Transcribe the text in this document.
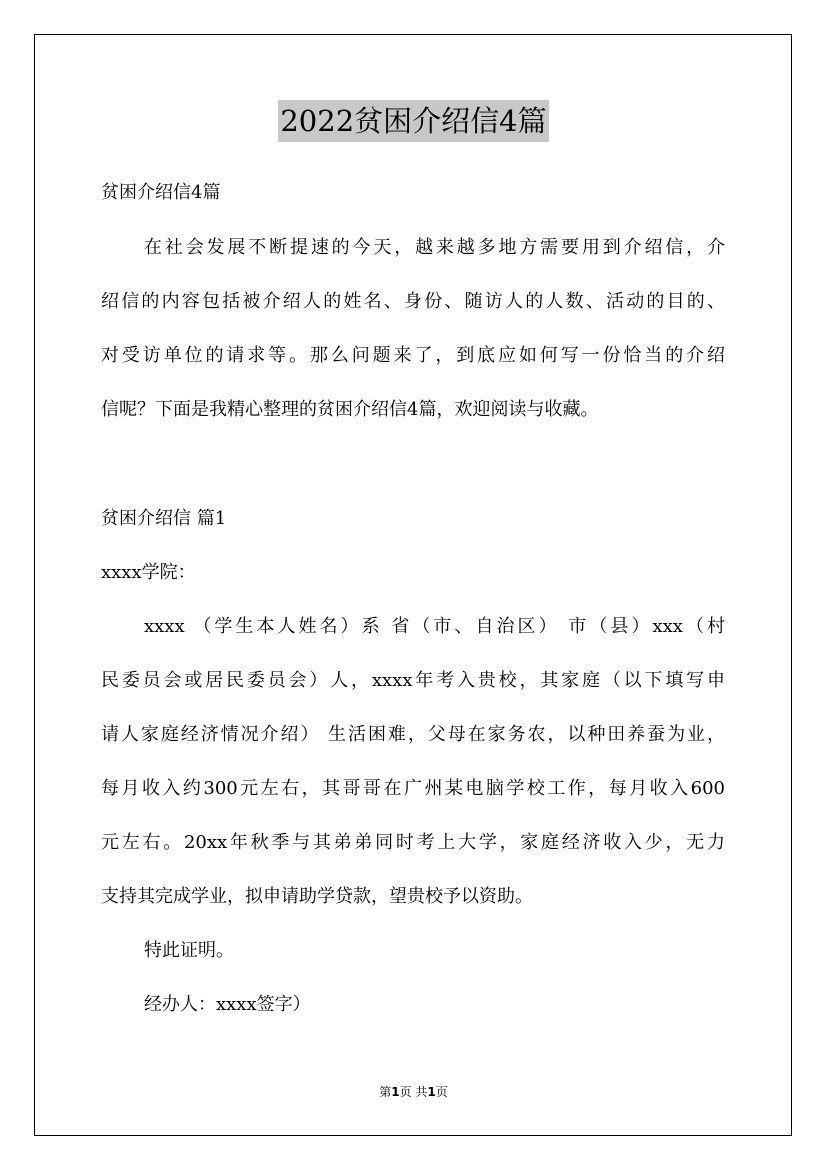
2022贫困介绍信4篇
贫困介绍信4篇
在社会发展不断提速的今天，越来越多地方需要用到介绍信，介
绍信的内容包括被介绍人的姓名、身份、随访人的人数、活动的目的、
对受访单位的请求等。那么问题来了，到底应如何写一份恰当的介绍
信呢？下面是我精心整理的贫困介绍信4篇，欢迎阅读与收藏。
贫困介绍信 篇1
xxxx学院：
xxxx （学生本人姓名）系 省（市、自治区） 市（县）xxx（村
民委员会或居民委员会）人，xxxx年考入贵校，其家庭（以下填写申
请人家庭经济情况介绍） 生活困难，父母在家务农，以种田养蚕为业，
每月收入约300元左右，其哥哥在广州某电脑学校工作，每月收入600
元左右。20xx年秋季与其弟弟同时考上大学，家庭经济收入少，无力
支持其完成学业，拟申请助学贷款，望贵校予以资助。
特此证明。
经办人：xxxx签字）
第1页 共1页
